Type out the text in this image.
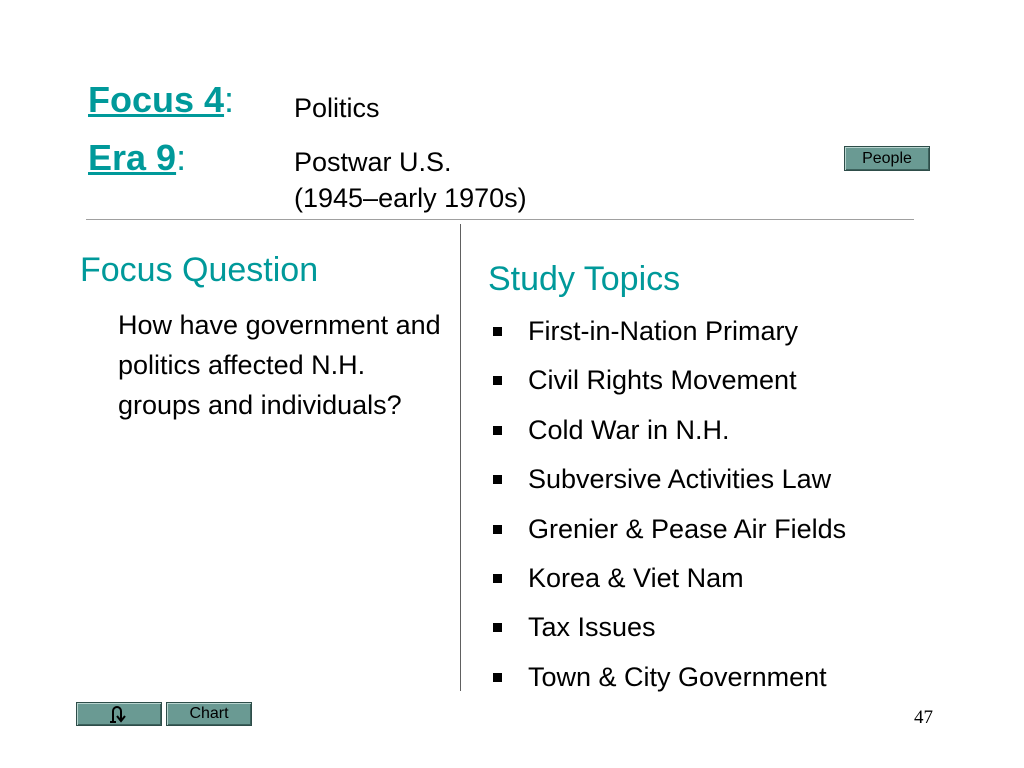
Focus 4: Politics
Era 9:	Postwar U.S.
(1945–early 1970s)
People
Focus Question
How have government and politics affected N.H. groups and individuals?
Study Topics
First-in-Nation Primary
Civil Rights Movement
Cold War in N.H.
Subversive Activities Law
Grenier & Pease Air Fields
Korea & Viet Nam
Tax Issues
Town & City Government
Chart	47
